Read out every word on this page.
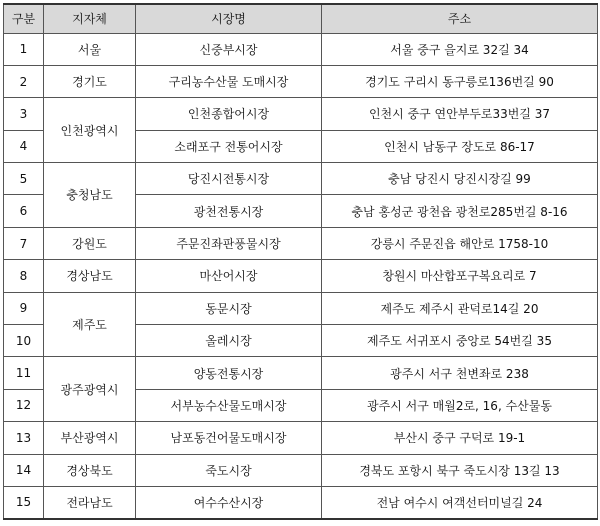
구분	지자체	시장명	주소
1	서울	신중부시장	서울 중구 을지로 32길 34
2	경기도	구리농수산물 도매시장	경기도 구리시 동구릉로136번길 90
3	인천광역시	인천종합어시장	인천시 중구 연안부두로33번길 37
4		소래포구 전통어시장	인천시 남동구 장도로 86-17
5	충청남도	당진시전통시장	충남 당진시 당진시장길 99
6		광천전통시장	충남 홍성군 광천읍 광천로285번길 8-16
7	강원도	주문진좌판풍물시장	강릉시 주문진읍 해안로 1758-10
8	경상남도	마산어시장	창원시 마산합포구복요리로 7
9	제주도	동문시장	제주도 제주시 관덕로14길 20
10		올레시장	제주도 서귀포시 중앙로 54번길 35
11	광주광역시	양동전통시장	광주시 서구 천변좌로 238
12		서부농수산물도매시장	광주시 서구 매월2로, 16, 수산물동
13	부산광역시	남포동건어물도매시장	부산시 중구 구덕로 19-1
14	경상북도	죽도시장	경북도 포항시 북구 죽도시장 13길 13
15	전라남도	여수수산시장	전남 여수시 여객선터미널길 24
